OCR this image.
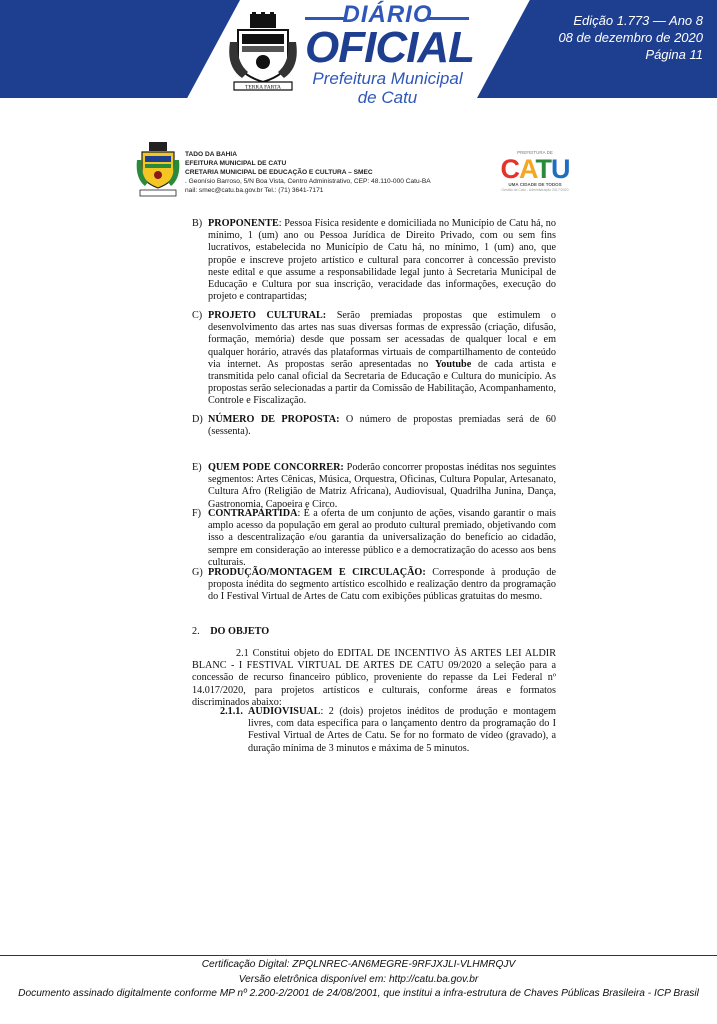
TERRA FARTA
DIÁRIO
OFICIAL
Prefeitura Municipal
de Catu
Edição 1.773 — Ano 8
08 de dezembro de 2020
Página 11
TADO DA BAHIA
EFEITURA MUNICIPAL DE CATU
CRETARIA MUNICIPAL DE EDUCAÇÃO E CULTURA – SMEC
. Geonísio Barroso, 5/N Boa Vista, Centro Administrativo, CEP: 48.110-000 Catu-BA
nail: smec@catu.ba.gov.br Tel.: (71) 3641-7171
PREFEITURA DE
CATU
UMA CIDADE DE TODOS
Gestão de Catu - Administração 2017/2020
B) PROPONENTE: Pessoa Física residente e domiciliada no Município de Catu há, no mínimo, 1 (um) ano ou Pessoa Jurídica de Direito Privado, com ou sem fins lucrativos, estabelecida no Município de Catu há, no mínimo, 1 (um) ano, que propõe e inscreve projeto artístico e cultural para concorrer à concessão previsto neste edital e que assume a responsabilidade legal junto à Secretaria Municipal de Educação e Cultura por sua inscrição, veracidade das informações, execução do projeto e contrapartidas;
C) PROJETO CULTURAL: Serão premiadas propostas que estimulem o desenvolvimento das artes nas suas diversas formas de expressão (criação, difusão, formação, memória) desde que possam ser acessadas de qualquer local e em qualquer horário, através das plataformas virtuais de compartilhamento de conteúdo via internet. As propostas serão apresentadas no Youtube de cada artista e transmitida pelo canal oficial da Secretaria de Educação e Cultura do município. As propostas serão selecionadas a partir da Comissão de Habilitação, Acompanhamento, Controle e Fiscalização.
D) NÚMERO DE PROPOSTA: O número de propostas premiadas será de 60 (sessenta).
E) QUEM PODE CONCORRER: Poderão concorrer propostas inéditas nos seguintes segmentos: Artes Cênicas, Música, Orquestra, Oficinas, Cultura Popular, Artesanato, Cultura Afro (Religião de Matriz Africana), Audiovisual, Quadrilha Junina, Dança, Gastronomia, Capoeira e Circo.
F) CONTRAPARTIDA: É a oferta de um conjunto de ações, visando garantir o mais amplo acesso da população em geral ao produto cultural premiado, objetivando com isso a descentralização e/ou garantia da universalização do benefício ao cidadão, sempre em consideração ao interesse público e a democratização do acesso aos bens culturais.
G) PRODUÇÃO/MONTAGEM E CIRCULAÇÃO: Corresponde à produção de proposta inédita do segmento artístico escolhido e realização dentro da programação do I Festival Virtual de Artes de Catu com exibições públicas gratuitas do mesmo.
2. DO OBJETO
2.1 Constitui objeto do EDITAL DE INCENTIVO ÀS ARTES LEI ALDIR BLANC - I FESTIVAL VIRTUAL DE ARTES DE CATU 09/2020 a seleção para a concessão de recurso financeiro público, proveniente do repasse da Lei Federal nº 14.017/2020, para projetos artísticos e culturais, conforme áreas e formatos discriminados abaixo:
2.1.1. AUDIOVISUAL: 2 (dois) projetos inéditos de produção e montagem livres, com data específica para o lançamento dentro da programação do I Festival Virtual de Artes de Catu. Se for no formato de vídeo (gravado), a duração mínima de 3 minutos e máxima de 5 minutos.
Certificação Digital: ZPQLNREC-AN6MEGRE-9RFJXJLI-VLHMRQJV
Versão eletrônica disponível em: http://catu.ba.gov.br
Documento assinado digitalmente conforme MP nº 2.200-2/2001 de 24/08/2001, que institui a infra-estrutura de Chaves Públicas Brasileira - ICP Brasil
